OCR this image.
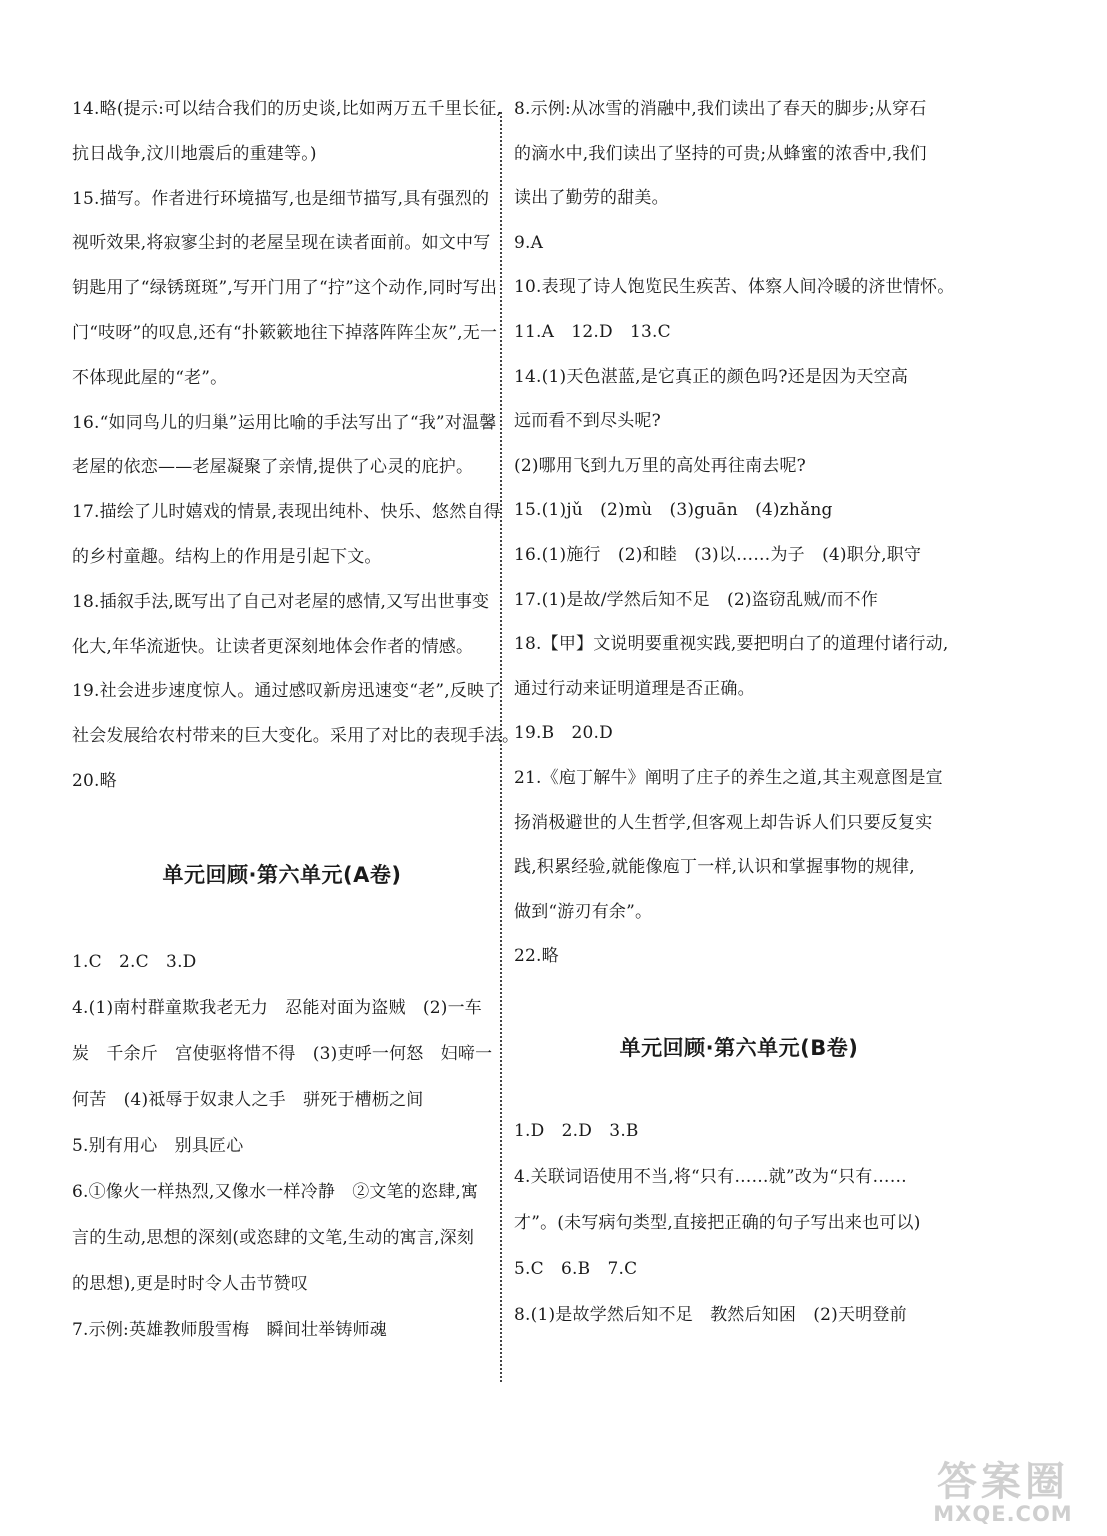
14.略(提示:可以结合我们的历史谈,比如两万五千里长征,
抗日战争,汶川地震后的重建等。)
15.描写。作者进行环境描写,也是细节描写,具有强烈的
视听效果,将寂寥尘封的老屋呈现在读者面前。如文中写
钥匙用了“绿锈斑斑”,写开门用了“拧”这个动作,同时写出
门“吱呀”的叹息,还有“扑簌簌地往下掉落阵阵尘灰”,无一
不体现此屋的“老”。
16.“如同鸟儿的归巢”运用比喻的手法写出了“我”对温馨
老屋的依恋——老屋凝聚了亲情,提供了心灵的庇护。
17.描绘了儿时嬉戏的情景,表现出纯朴、快乐、悠然自得
的乡村童趣。结构上的作用是引起下文。
18.插叙手法,既写出了自己对老屋的感情,又写出世事变
化大,年华流逝快。让读者更深刻地体会作者的情感。
19.社会进步速度惊人。通过感叹新房迅速变“老”,反映了
社会发展给农村带来的巨大变化。采用了对比的表现手法。
20.略
单元回顾·第六单元(A卷)
1.C　2.C　3.D
4.(1)南村群童欺我老无力　忍能对面为盗贼　(2)一车
炭　千余斤　宫使驱将惜不得　(3)吏呼一何怒　妇啼一
何苦　(4)祗辱于奴隶人之手　骈死于槽枥之间
5.别有用心　别具匠心
6.①像火一样热烈,又像水一样冷静　②文笔的恣肆,寓
言的生动,思想的深刻(或恣肆的文笔,生动的寓言,深刻
的思想),更是时时令人击节赞叹
7.示例:英雄教师殷雪梅　瞬间壮举铸师魂
8.示例:从冰雪的消融中,我们读出了春天的脚步;从穿石
的滴水中,我们读出了坚持的可贵;从蜂蜜的浓香中,我们
读出了勤劳的甜美。
9.A
10.表现了诗人饱览民生疾苦、体察人间冷暖的济世情怀。
11.A　12.D　13.C
14.(1)天色湛蓝,是它真正的颜色吗?还是因为天空高
远而看不到尽头呢?
(2)哪用飞到九万里的高处再往南去呢?
15.(1)jǔ　(2)mù　(3)guān　(4)zhǎng
16.(1)施行　(2)和睦　(3)以……为子　(4)职分,职守
17.(1)是故/学然后知不足　(2)盗窃乱贼/而不作
18.【甲】文说明要重视实践,要把明白了的道理付诸行动,
通过行动来证明道理是否正确。
19.B　20.D
21.《庖丁解牛》阐明了庄子的养生之道,其主观意图是宣
扬消极避世的人生哲学,但客观上却告诉人们只要反复实
践,积累经验,就能像庖丁一样,认识和掌握事物的规律,
做到“游刃有余”。
22.略
单元回顾·第六单元(B卷)
1.D　2.D　3.B
4.关联词语使用不当,将“只有……就”改为“只有……
才”。(未写病句类型,直接把正确的句子写出来也可以)
5.C　6.B　7.C
8.(1)是故学然后知不足　教然后知困　(2)天明登前
答案圈
MXQE.COM
